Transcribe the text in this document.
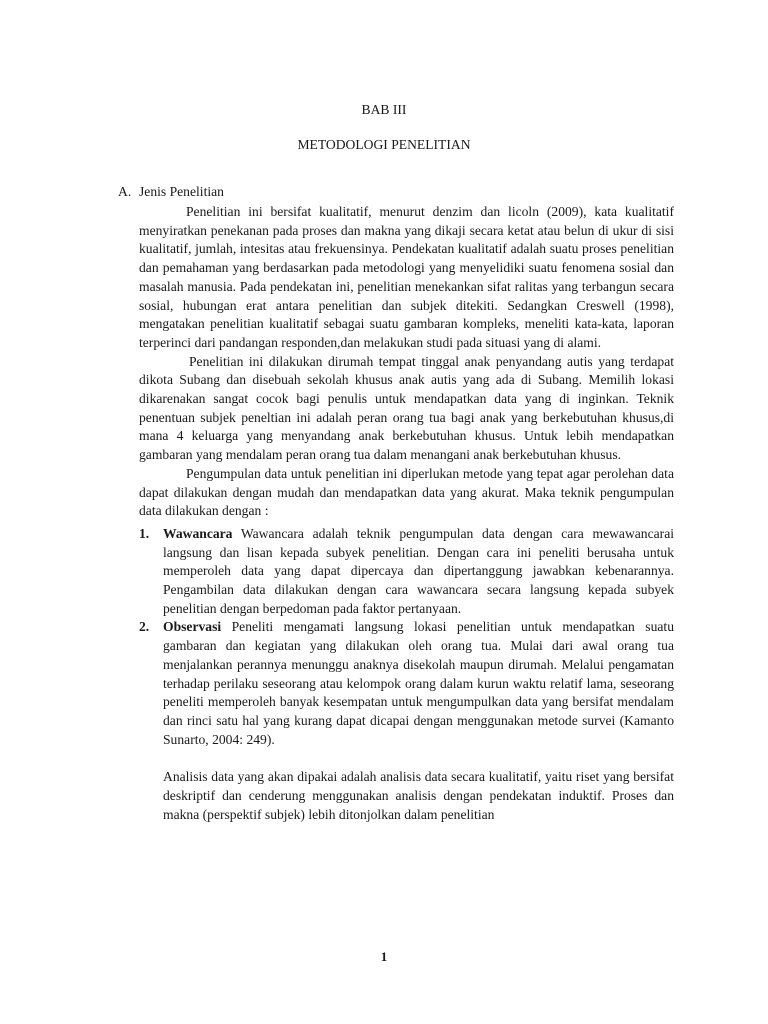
BAB III
METODOLOGI PENELITIAN
A. Jenis Penelitian

Penelitian ini bersifat kualitatif, menurut denzim dan licoln (2009), kata kualitatif menyiratkan penekanan pada proses dan makna yang dikaji secara ketat atau belun di ukur di sisi kualitatif, jumlah, intesitas atau frekuensinya. Pendekatan kualitatif adalah suatu proses penelitian dan pemahaman yang berdasarkan pada metodologi yang menyelidiki suatu fenomena sosial dan masalah manusia. Pada pendekatan ini, penelitian menekankan sifat ralitas yang terbangun secara sosial, hubungan erat antara penelitian dan subjek ditekiti. Sedangkan Creswell (1998), mengatakan penelitian kualitatif sebagai suatu gambaran kompleks, meneliti kata-kata, laporan terperinci dari pandangan responden,dan melakukan studi pada situasi yang di alami.

Penelitian ini dilakukan dirumah tempat tinggal anak penyandang autis yang terdapat dikota Subang dan disebuah sekolah khusus anak autis yang ada di Subang. Memilih lokasi dikarenakan sangat cocok bagi penulis untuk mendapatkan data yang di inginkan. Teknik penentuan subjek peneltian ini adalah peran orang tua bagi anak yang berkebutuhan khusus,di mana 4 keluarga yang menyandang anak berkebutuhan khusus. Untuk lebih mendapatkan gambaran yang mendalam peran orang tua dalam menangani anak berkebutuhan khusus.

Pengumpulan data untuk penelitian ini diperlukan metode yang tepat agar perolehan data dapat dilakukan dengan mudah dan mendapatkan data yang akurat. Maka teknik pengumpulan data dilakukan dengan :

1. Wawancara Wawancara adalah teknik pengumpulan data dengan cara mewawancarai langsung dan lisan kepada subyek penelitian. Dengan cara ini peneliti berusaha untuk memperoleh data yang dapat dipercaya dan dipertanggung jawabkan kebenarannya. Pengambilan data dilakukan dengan cara wawancara secara langsung kepada subyek penelitian dengan berpedoman pada faktor pertanyaan.
2. Observasi Peneliti mengamati langsung lokasi penelitian untuk mendapatkan suatu gambaran dan kegiatan yang dilakukan oleh orang tua. Mulai dari awal orang tua menjalankan perannya menunggu anaknya disekolah maupun dirumah. Melalui pengamatan terhadap perilaku seseorang atau kelompok orang dalam kurun waktu relatif lama, seseorang peneliti memperoleh banyak kesempatan untuk mengumpulkan data yang bersifat mendalam dan rinci satu hal yang kurang dapat dicapai dengan menggunakan metode survei (Kamanto Sunarto, 2004: 249).

Analisis data yang akan dipakai adalah analisis data secara kualitatif, yaitu riset yang bersifat deskriptif dan cenderung menggunakan analisis dengan pendekatan induktif. Proses dan makna (perspektif subjek) lebih ditonjolkan dalam penelitian

1
